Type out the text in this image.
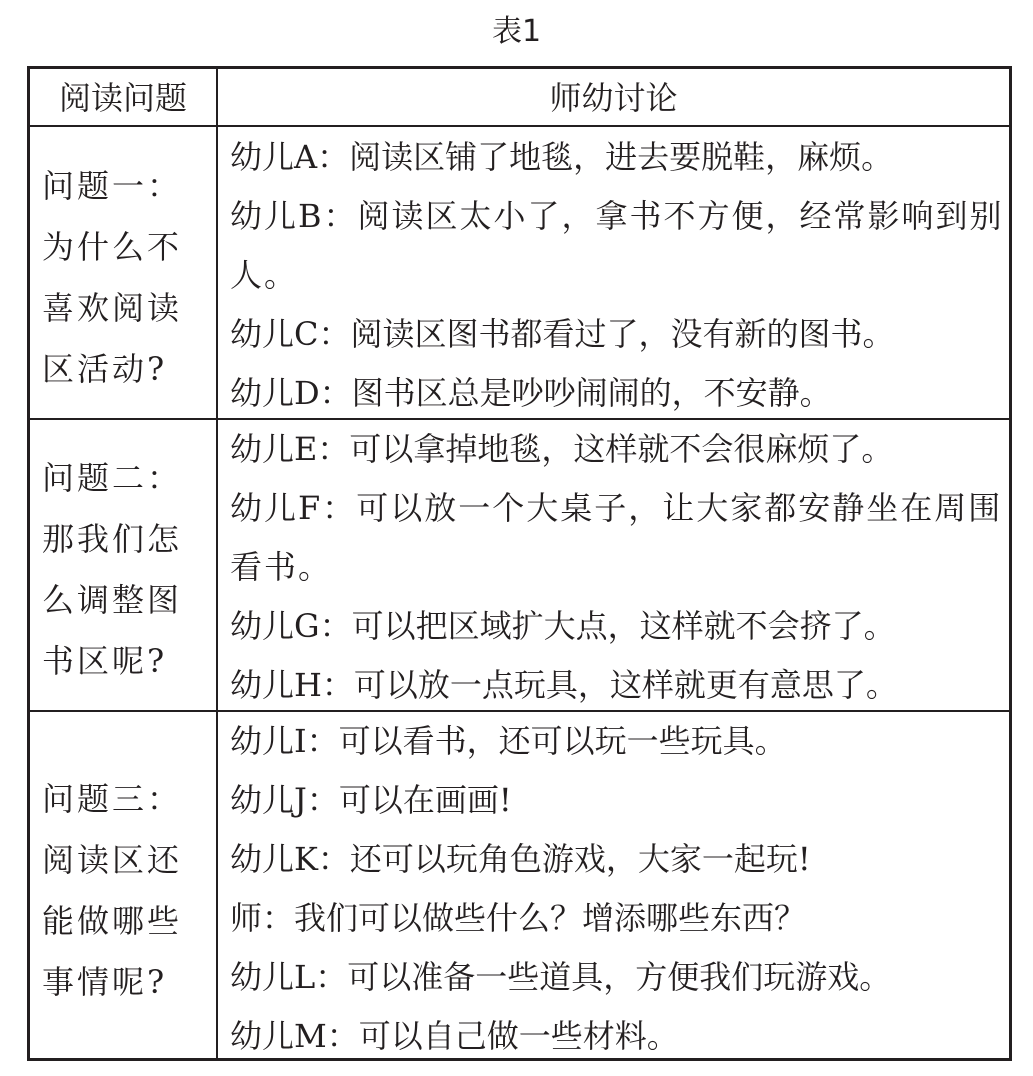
表1
阅读问题	师幼讨论
问题一：为什么不喜欢阅读区活动?

幼儿A：阅读区铺了地毯，进去要脱鞋，麻烦。

幼儿B：阅读区太小了，拿书不方便，经常影响到别人。

幼儿C：阅读区图书都看过了，没有新的图书。

幼儿D：图书区总是吵吵闹闹的，不安静。

问题二：那我们怎么调整图书区呢?

幼儿E：可以拿掉地毯，这样就不会很麻烦了。

幼儿F：可以放一个大桌子，让大家都安静坐在周围看书。

幼儿G：可以把区域扩大点，这样就不会挤了。

幼儿H：可以放一点玩具，这样就更有意思了。

问题三：阅读区还能做哪些事情呢?

幼儿I：可以看书，还可以玩一些玩具。

幼儿J：可以在画画!

幼儿K：还可以玩角色游戏，大家一起玩!

师：我们可以做些什么？增添哪些东西？

幼儿L：可以准备一些道具，方便我们玩游戏。

幼儿M：可以自己做一些材料。
